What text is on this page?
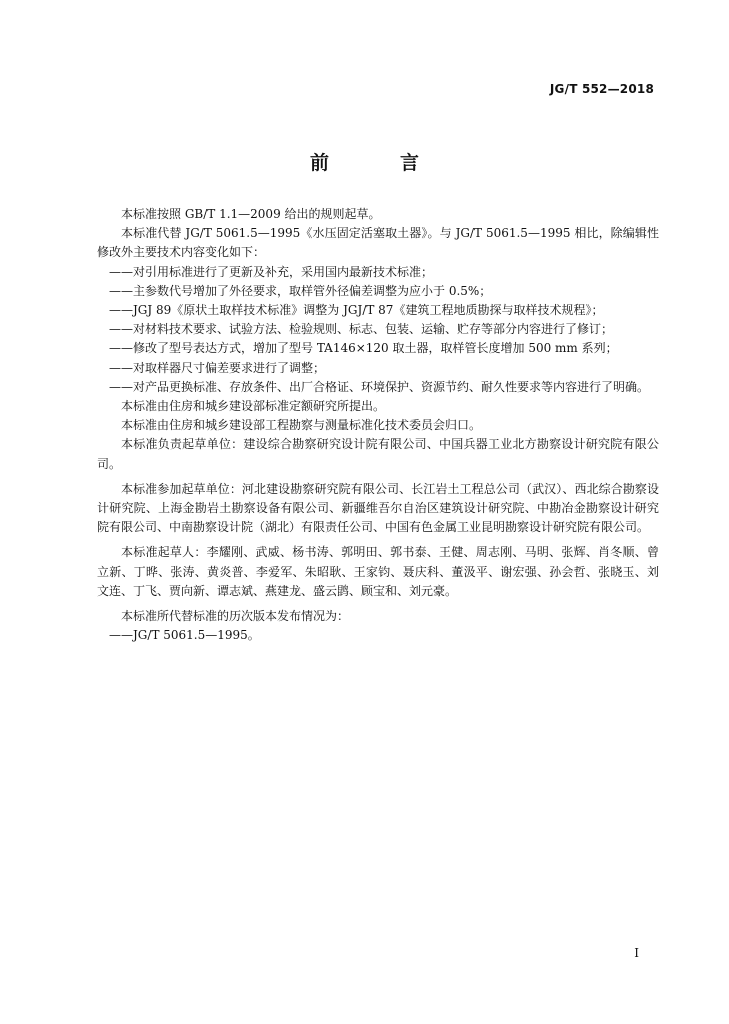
JG/T 552—2018
前　言

本标准按照 GB/T 1.1—2009 给出的规则起草。

本标准代替 JG/T 5061.5—1995《水压固定活塞取土器》。与 JG/T 5061.5—1995 相比，除编辑性修改外主要技术内容变化如下：

——对引用标准进行了更新及补充，采用国内最新技术标准；

——主参数代号增加了外径要求，取样管外径偏差调整为应小于 0.5%；

——JGJ 89《原状土取样技术标准》调整为 JGJ/T 87《建筑工程地质勘探与取样技术规程》；

——对材料技术要求、试验方法、检验规则、标志、包装、运输、贮存等部分内容进行了修订；

——修改了型号表达方式，增加了型号 TA146×120 取土器，取样管长度增加 500 mm 系列；

——对取样器尺寸偏差要求进行了调整；

——对产品更换标准、存放条件、出厂合格证、环境保护、资源节约、耐久性要求等内容进行了明确。

本标准由住房和城乡建设部标准定额研究所提出。

本标准由住房和城乡建设部工程勘察与测量标准化技术委员会归口。

本标准负责起草单位：建设综合勘察研究设计院有限公司、中国兵器工业北方勘察设计研究院有限公司。

本标准参加起草单位：河北建设勘察研究院有限公司、长江岩土工程总公司（武汉）、西北综合勘察设计研究院、上海金勘岩土勘察设备有限公司、新疆维吾尔自治区建筑设计研究院、中勘冶金勘察设计研究院有限公司、中南勘察设计院（湖北）有限责任公司、中国有色金属工业昆明勘察设计研究院有限公司。

本标准起草人：李耀刚、武威、杨书涛、郭明田、郭书泰、王健、周志刚、马明、张辉、肖冬顺、曾立新、丁晔、张涛、黄炎普、李爱军、朱昭耿、王家钧、聂庆科、董汲平、谢宏强、孙会哲、张晓玉、刘文连、丁飞、贾向新、谭志斌、燕建龙、盛云鹍、顾宝和、刘元豪。

本标准所代替标准的历次版本发布情况为：

——JG/T 5061.5—1995。

I
